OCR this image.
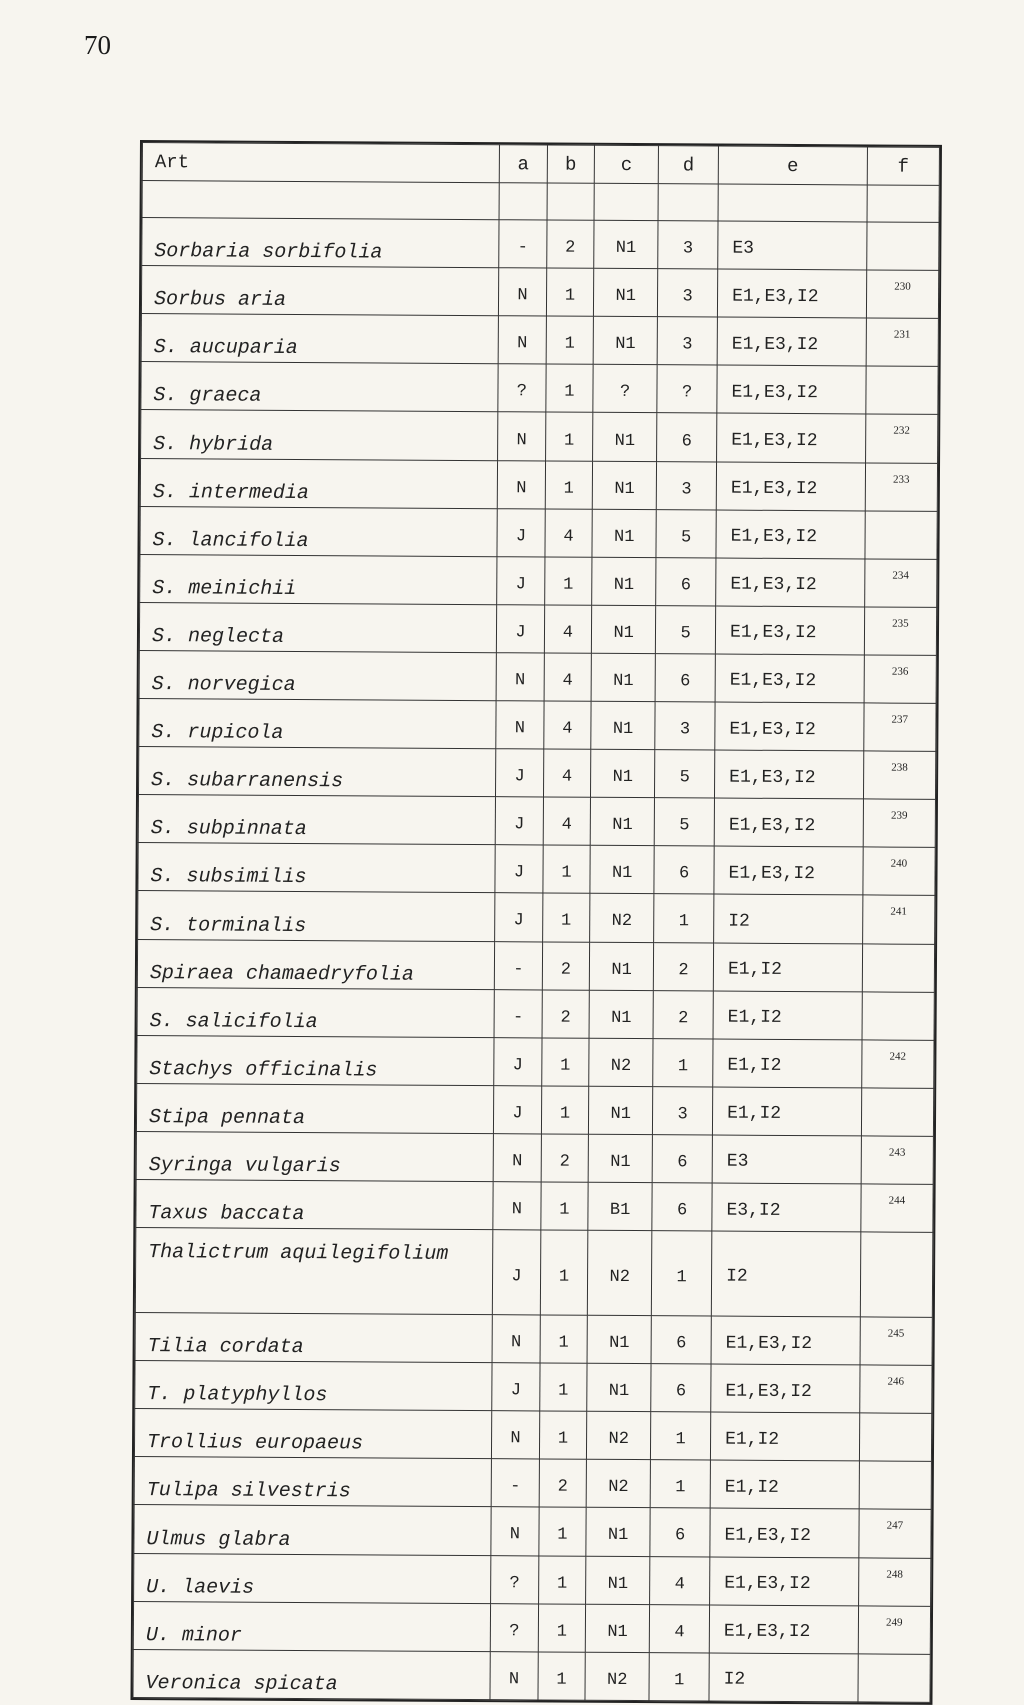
70
Art	a	b	c	d	e	f

Sorbaria sorbifolia	-	2	N1	3	E3	
Sorbus aria	N	1	N1	3	E1,E3,I2	230
S. aucuparia	N	1	N1	3	E1,E3,I2	231
S. graeca	?	1	?	?	E1,E3,I2	
S. hybrida	N	1	N1	6	E1,E3,I2	232
S. intermedia	N	1	N1	3	E1,E3,I2	233
S. lancifolia	J	4	N1	5	E1,E3,I2	
S. meinichii	J	1	N1	6	E1,E3,I2	234
S. neglecta	J	4	N1	5	E1,E3,I2	235
S. norvegica	N	4	N1	6	E1,E3,I2	236
S. rupicola	N	4	N1	3	E1,E3,I2	237
S. subarranensis	J	4	N1	5	E1,E3,I2	238
S. subpinnata	J	4	N1	5	E1,E3,I2	239
S. subsimilis	J	1	N1	6	E1,E3,I2	240
S. torminalis	J	1	N2	1	I2	241
Spiraea chamaedryfolia	-	2	N1	2	E1,I2	
S. salicifolia	-	2	N1	2	E1,I2	
Stachys officinalis	J	1	N2	1	E1,I2	242
Stipa pennata	J	1	N1	3	E1,I2	
Syringa vulgaris	N	2	N1	6	E3	243
Taxus baccata	N	1	B1	6	E3,I2	244
Thalictrum aquilegifolium	J	1	N2	1	I2	
Tilia cordata	N	1	N1	6	E1,E3,I2	245
T. platyphyllos	J	1	N1	6	E1,E3,I2	246
Trollius europaeus	N	1	N2	1	E1,I2	
Tulipa silvestris	-	2	N2	1	E1,I2	
Ulmus glabra	N	1	N1	6	E1,E3,I2	247
U. laevis	?	1	N1	4	E1,E3,I2	248
U. minor	?	1	N1	4	E1,E3,I2	249
Veronica spicata	N	1	N2	1	I2	
